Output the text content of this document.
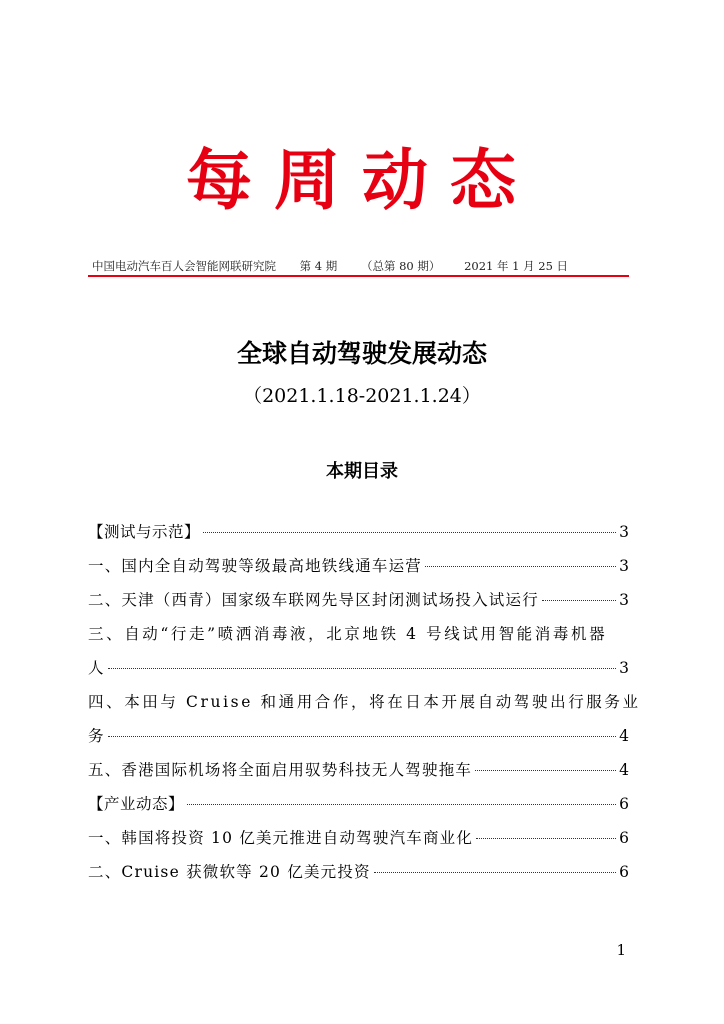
每周动态
中国电动汽车百人会智能网联研究院 第 4 期 （总第 80 期） 2021 年 1 月 25 日
全球自动驾驶发展动态
（2021.1.18-2021.1.24）
本期目录
【测试与示范】	3
一、国内全自动驾驶等级最高地铁线通车运营	3
二、天津（西青）国家级车联网先导区封闭测试场投入试运行	3
三、自动“行走”喷洒消毒液，北京地铁 4 号线试用智能消毒机器
人	3
四、本田与 Cruise 和通用合作，将在日本开展自动驾驶出行服务业
务	4
五、香港国际机场将全面启用驭势科技无人驾驶拖车	4
【产业动态】	6
一、韩国将投资 10 亿美元推进自动驾驶汽车商业化	6
二、Cruise 获微软等 20 亿美元投资	6
1
